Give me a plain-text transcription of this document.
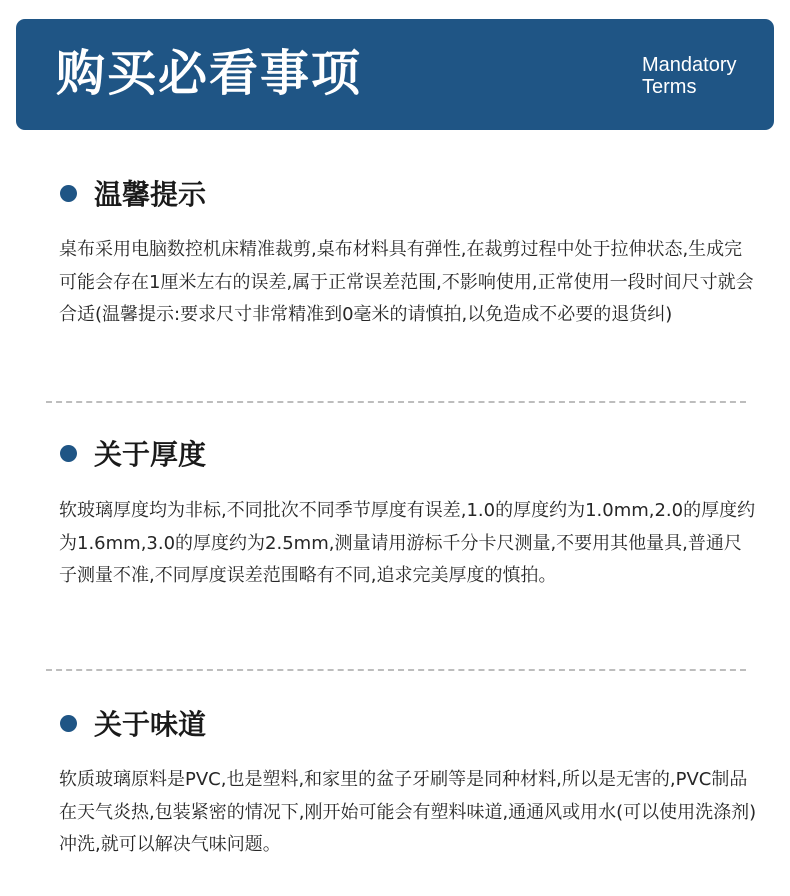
购买必看事项	Mandatory
Terms
温馨提示

桌布采用电脑数控机床精准裁剪,桌布材料具有弹性,在裁剪过程中处于拉伸状态,生成完可能会存在1厘米左右的误差,属于正常误差范围,不影响使用,正常使用一段时间尺寸就会合适(温馨提示:要求尺寸非常精准到0毫米的请慎拍,以免造成不必要的退货纠)

关于厚度

软玻璃厚度均为非标,不同批次不同季节厚度有误差,1.0的厚度约为1.0mm,2.0的厚度约为1.6mm,3.0的厚度约为2.5mm,测量请用游标千分卡尺测量,不要用其他量具,普通尺子测量不准,不同厚度误差范围略有不同,追求完美厚度的慎拍。

关于味道

软质玻璃原料是PVC,也是塑料,和家里的盆子牙刷等是同种材料,所以是无害的,PVC制品在天气炎热,包装紧密的情况下,刚开始可能会有塑料味道,通通风或用水(可以使用洗涤剂)冲洗,就可以解决气味问题。
